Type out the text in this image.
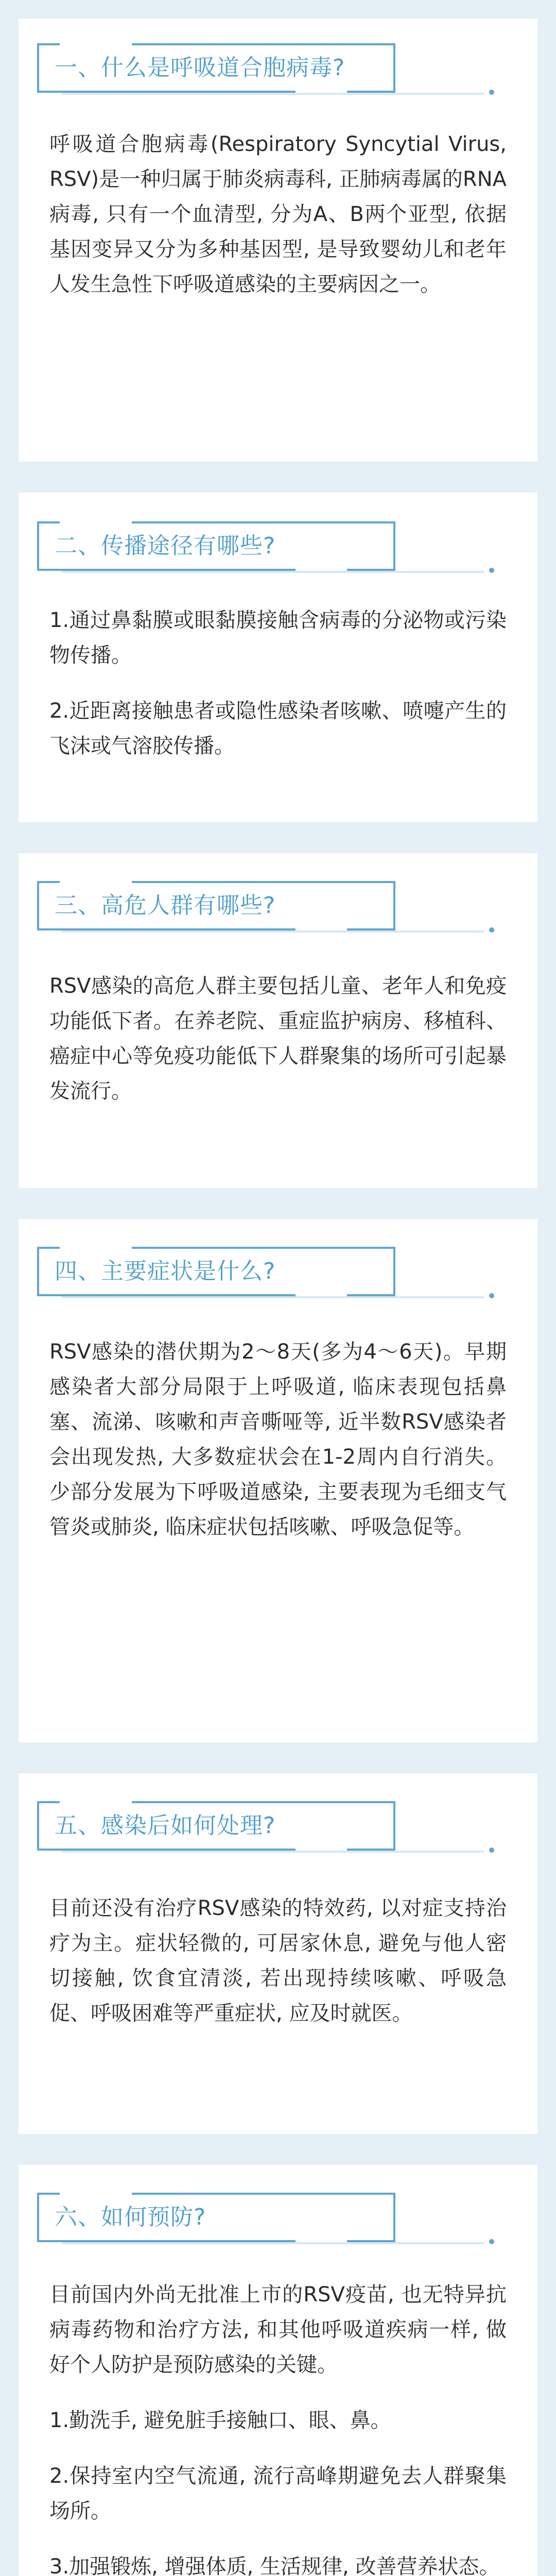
一、什么是呼吸道合胞病毒?

呼吸道合胞病毒(Respiratory Syncytial Virus, RSV)是一种归属于肺炎病毒科, 正肺病毒属的RNA病毒, 只有一个血清型, 分为A、B两个亚型, 依据基因变异又分为多种基因型, 是导致婴幼儿和老年人发生急性下呼吸道感染的主要病因之一。

二、传播途径有哪些?

1.通过鼻黏膜或眼黏膜接触含病毒的分泌物或污染物传播。

2.近距离接触患者或隐性感染者咳嗽、喷嚏产生的飞沫或气溶胶传播。

三、高危人群有哪些?

RSV感染的高危人群主要包括儿童、老年人和免疫功能低下者。在养老院、重症监护病房、移植科、癌症中心等免疫功能低下人群聚集的场所可引起暴发流行。

四、主要症状是什么?

RSV感染的潜伏期为2～8天(多为4～6天)。早期感染者大部分局限于上呼吸道, 临床表现包括鼻塞、流涕、咳嗽和声音嘶哑等, 近半数RSV感染者会出现发热, 大多数症状会在1-2周内自行消失。少部分发展为下呼吸道感染, 主要表现为毛细支气管炎或肺炎, 临床症状包括咳嗽、呼吸急促等。

五、感染后如何处理?

目前还没有治疗RSV感染的特效药, 以对症支持治疗为主。症状轻微的, 可居家休息, 避免与他人密切接触, 饮食宜清淡, 若出现持续咳嗽、呼吸急促、呼吸困难等严重症状, 应及时就医。

六、如何预防?

目前国内外尚无批准上市的RSV疫苗, 也无特异抗病毒药物和治疗方法, 和其他呼吸道疾病一样, 做好个人防护是预防感染的关键。

1.勤洗手, 避免脏手接触口、眼、鼻。

2.保持室内空气流通, 流行高峰期避免去人群聚集场所。

3.加强锻炼, 增强体质, 生活规律, 改善营养状态。
